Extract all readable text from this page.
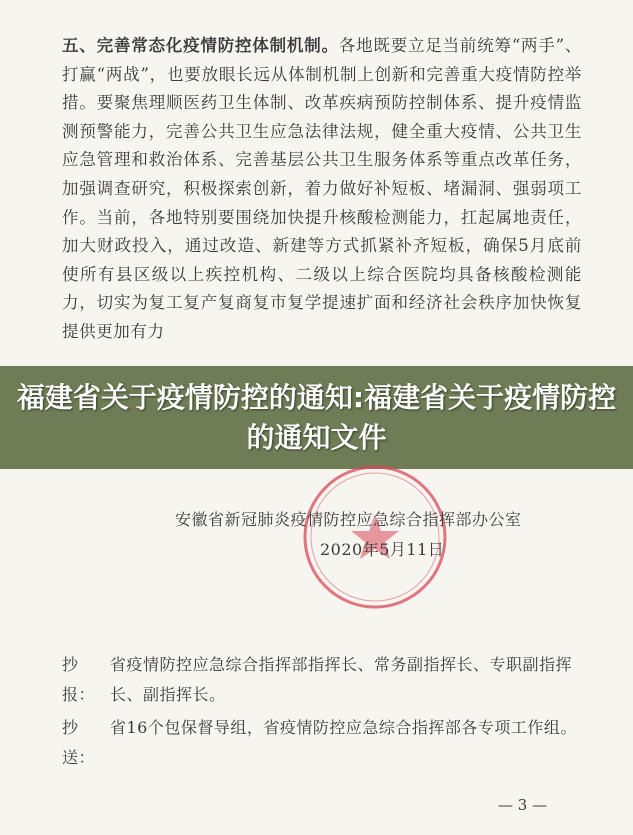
五、完善常态化疫情防控体制机制。各地既要立足当前统筹“两手”、打赢“两战”，也要放眼长远从体制机制上创新和完善重大疫情防控举措。要聚焦理顺医药卫生体制、改革疾病预防控制体系、提升疫情监测预警能力，完善公共卫生应急法律法规，健全重大疫情、公共卫生应急管理和救治体系、完善基层公共卫生服务体系等重点改革任务，加强调查研究，积极探索创新，着力做好补短板、堵漏洞、强弱项工作。当前，各地特别要围绕加快提升核酸检测能力，扛起属地责任，加大财政投入，通过改造、新建等方式抓紧补齐短板，确保5月底前使所有县区级以上疾控机构、二级以上综合医院均具备核酸检测能力，切实为复工复产复商复市复学提速扩面和经济社会秩序加快恢复提供更加有力

福建省关于疫情防控的通知:福建省关于疫情防控的通知文件

安徽省新冠肺炎疫情防控应急综合指挥部办公室
2020年5月11日
抄报：
省疫情防控应急综合指挥部指挥长、常务副指挥长、专职副指挥长、副指挥长。
抄送：
省16个包保督导组，省疫情防控应急综合指挥部各专项工作组。
— 3 —
